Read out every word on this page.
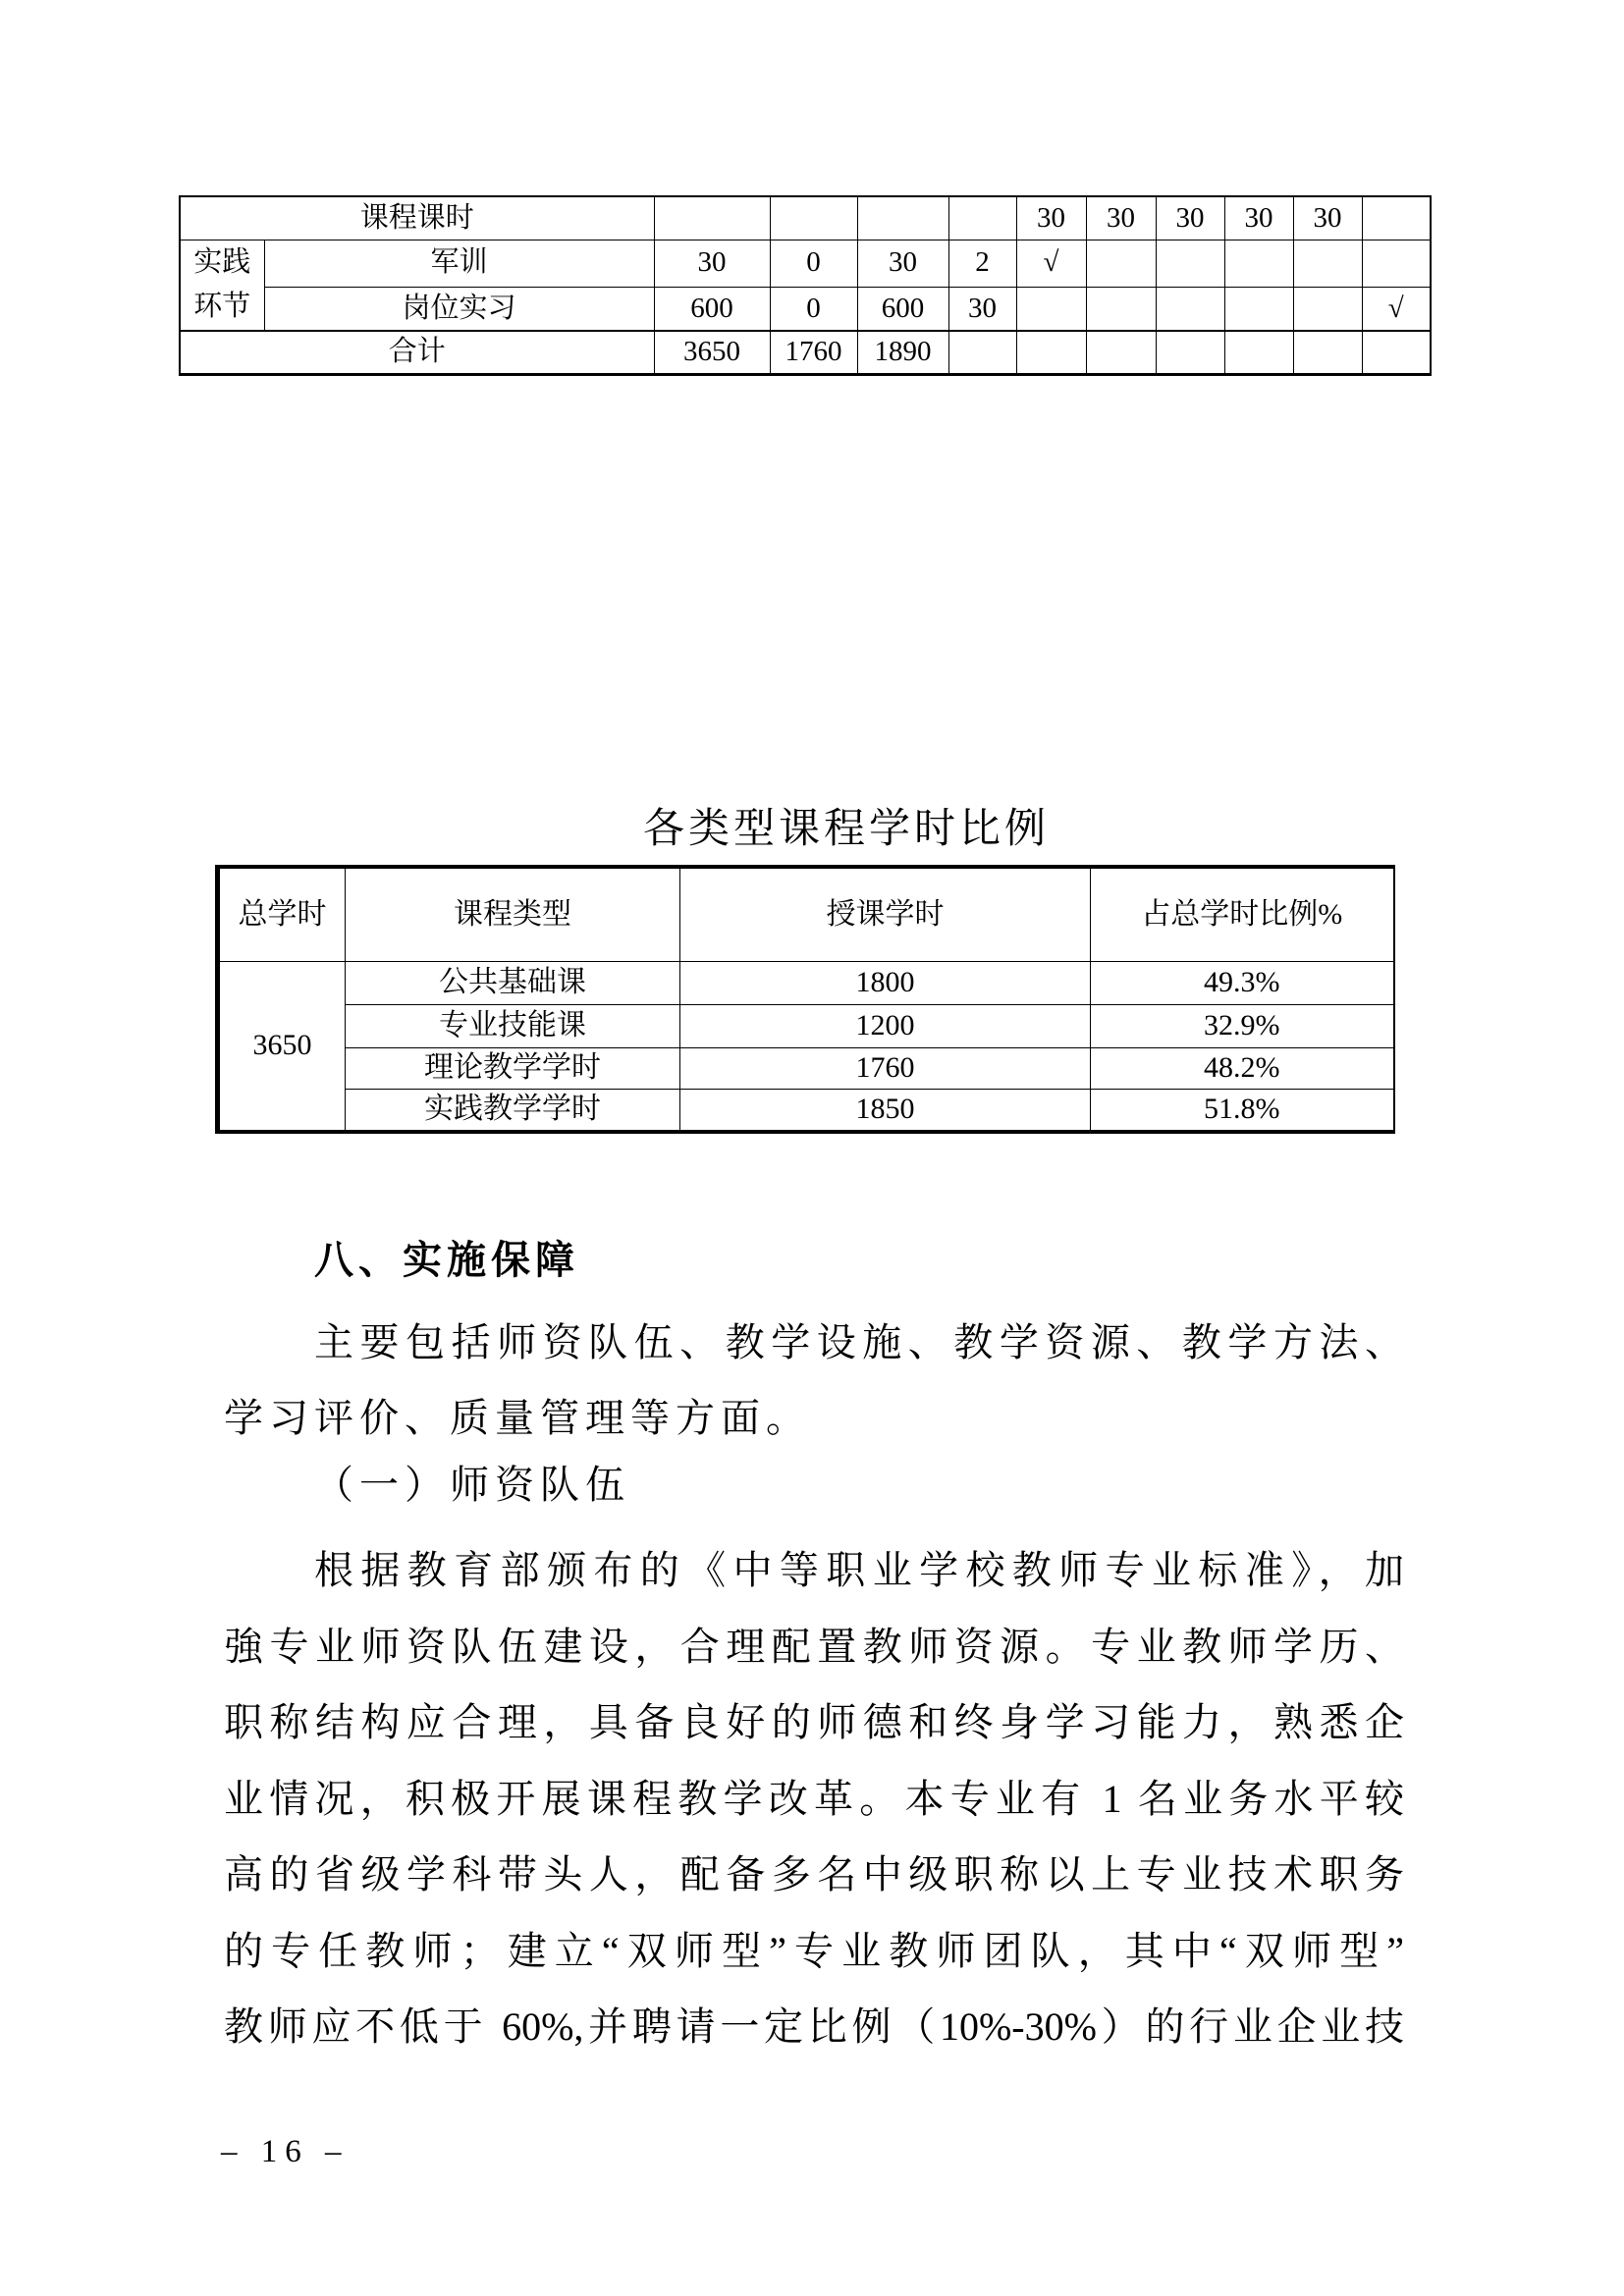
课程课时						30	30	30	30	30	

实践
环节	军训	30	0	30	2	√					
	岗位实习	600	0	600	30						√
合计		3650	1760	1890							
各类型课程学时比例
总学时	课程类型	授课学时	占总学时比例%
3650	公共基础课	1800	49.3%
	专业技能课	1200	32.9%
	理论教学学时	1760	48.2%
	实践教学学时	1850	51.8%
八、实施保障
主要包括师资队伍、教学设施、教学资源、教学方法、
学习评价、质量管理等方面。
（一）师资队伍
根据教育部颁布的《中等职业学校教师专业标准》，加
強专业师资队伍建设，合理配置教师资源。专业教师学历、
职称结构应合理，具备良好的师德和终身学习能力，熟悉企
业情况，积极开展课程教学改革。本专业有 1 名业务水平较
高的省级学科带头人，配备多名中级职称以上专业技术职务
的专任教师；建立“双师型”专业教师团队，其中“双师型”
教师应不低于 60%,并聘请一定比例（10%-30%）的行业企业技
– 16 –
